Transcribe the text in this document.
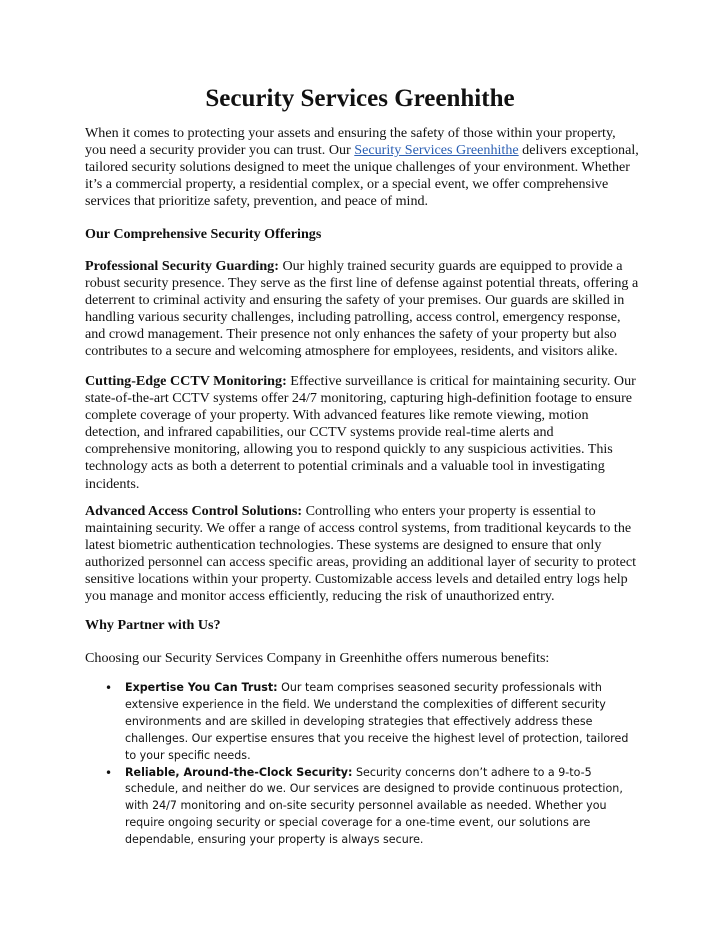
Security Services Greenhithe

When it comes to protecting your assets and ensuring the safety of those within your property, you need a security provider you can trust. Our Security Services Greenhithe delivers exceptional, tailored security solutions designed to meet the unique challenges of your environment. Whether it’s a commercial property, a residential complex, or a special event, we offer comprehensive services that prioritize safety, prevention, and peace of mind.

Our Comprehensive Security Offerings

Professional Security Guarding: Our highly trained security guards are equipped to provide a robust security presence. They serve as the first line of defense against potential threats, offering a deterrent to criminal activity and ensuring the safety of your premises. Our guards are skilled in handling various security challenges, including patrolling, access control, emergency response, and crowd management. Their presence not only enhances the safety of your property but also contributes to a secure and welcoming atmosphere for employees, residents, and visitors alike.

Cutting-Edge CCTV Monitoring: Effective surveillance is critical for maintaining security. Our state-of-the-art CCTV systems offer 24/7 monitoring, capturing high-definition footage to ensure complete coverage of your property. With advanced features like remote viewing, motion detection, and infrared capabilities, our CCTV systems provide real-time alerts and comprehensive monitoring, allowing you to respond quickly to any suspicious activities. This technology acts as both a deterrent to potential criminals and a valuable tool in investigating incidents.

Advanced Access Control Solutions: Controlling who enters your property is essential to maintaining security. We offer a range of access control systems, from traditional keycards to the latest biometric authentication technologies. These systems are designed to ensure that only authorized personnel can access specific areas, providing an additional layer of security to protect sensitive locations within your property. Customizable access levels and detailed entry logs help you manage and monitor access efficiently, reducing the risk of unauthorized entry.

Why Partner with Us?

Choosing our Security Services Company in Greenhithe offers numerous benefits:

• Expertise You Can Trust: Our team comprises seasoned security professionals with extensive experience in the field. We understand the complexities of different security environments and are skilled in developing strategies that effectively address these challenges. Our expertise ensures that you receive the highest level of protection, tailored to your specific needs.
• Reliable, Around-the-Clock Security: Security concerns don’t adhere to a 9-to-5 schedule, and neither do we. Our services are designed to provide continuous protection, with 24/7 monitoring and on-site security personnel available as needed. Whether you require ongoing security or special coverage for a one-time event, our solutions are dependable, ensuring your property is always secure.
